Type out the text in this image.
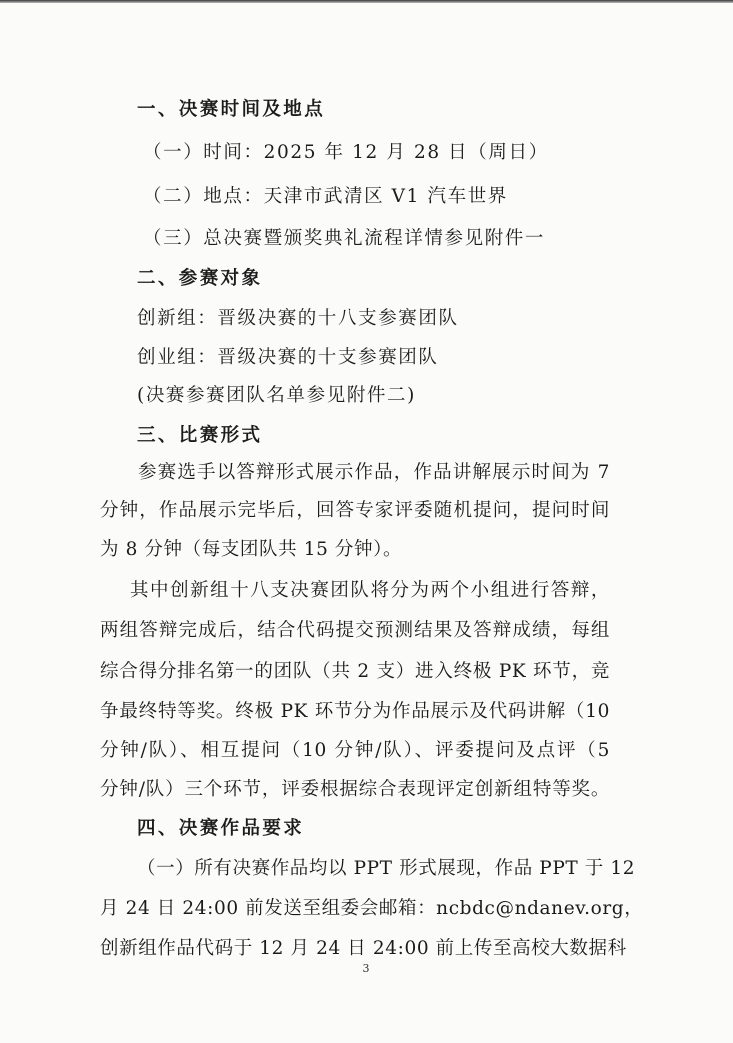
一、决赛时间及地点
（一）时间：2025 年 12 月 28 日（周日）
（二）地点：天津市武清区 V1 汽车世界
（三）总决赛暨颁奖典礼流程详情参见附件一
二、参赛对象
创新组：晋级决赛的十八支参赛团队
创业组：晋级决赛的十支参赛团队
(决赛参赛团队名单参见附件二)
三、比赛形式
参赛选手以答辩形式展示作品，作品讲解展示时间为 7
分钟，作品展示完毕后，回答专家评委随机提问，提问时间
为 8 分钟（每支团队共 15 分钟）。
其中创新组十八支决赛团队将分为两个小组进行答辩，
两组答辩完成后，结合代码提交预测结果及答辩成绩，每组
综合得分排名第一的团队（共 2 支）进入终极 PK 环节，竞
争最终特等奖。终极 PK 环节分为作品展示及代码讲解（10
分钟/队）、相互提问（10 分钟/队）、评委提问及点评（5
分钟/队）三个环节，评委根据综合表现评定创新组特等奖。
四、决赛作品要求
（一）所有决赛作品均以 PPT 形式展现，作品 PPT 于 12
月 24 日 24:00 前发送至组委会邮箱：ncbdc@ndanev.org，
创新组作品代码于 12 月 24 日 24:00 前上传至高校大数据科
3
